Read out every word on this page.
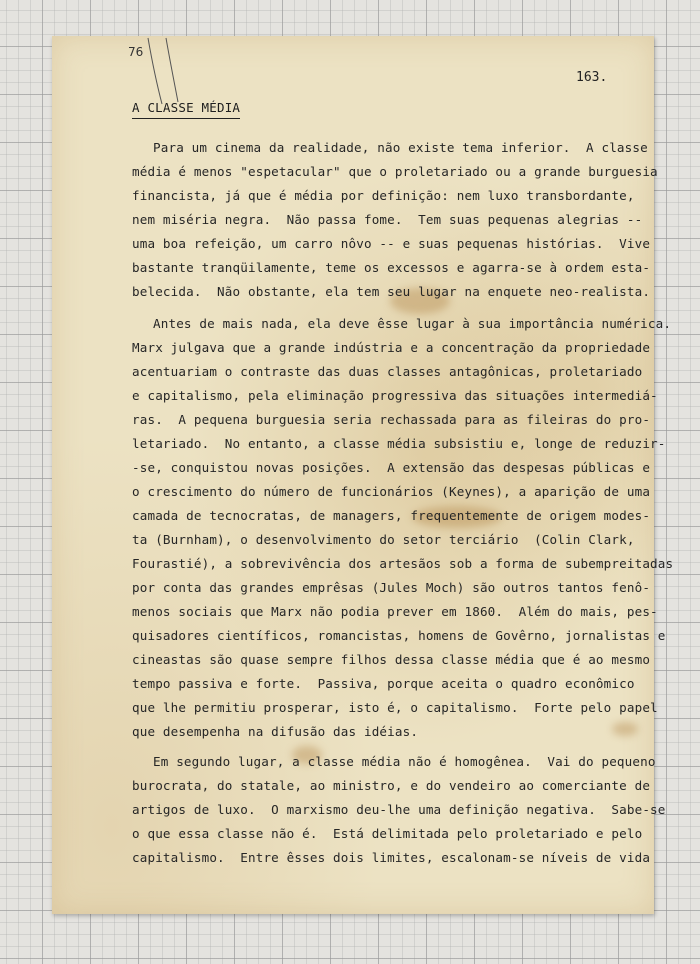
76
163.
A CLASSE MÉDIA
Para um cinema da realidade, não existe tema inferior.  A classe
média é menos "espetacular" que o proletariado ou a grande burguesia
financista, já que é média por definição: nem luxo transbordante,
nem miséria negra.  Não passa fome.  Tem suas pequenas alegrias --
uma boa refeição, um carro nôvo -- e suas pequenas histórias.  Vive
bastante tranqüilamente, teme os excessos e agarra-se à ordem esta-
belecida.  Não obstante, ela tem seu lugar na enquete neo-realista.
Antes de mais nada, ela deve êsse lugar à sua importância numérica.
Marx julgava que a grande indústria e a concentração da propriedade
acentuariam o contraste das duas classes antagônicas, proletariado
e capitalismo, pela eliminação progressiva das situações intermediá-
ras.  A pequena burguesia seria rechassada para as fileiras do pro-
letariado.  No entanto, a classe média subsistiu e, longe de reduzir-
-se, conquistou novas posições.  A extensão das despesas públicas e
o crescimento do número de funcionários (Keynes), a aparição de uma
camada de tecnocratas, de managers, frequentemente de origem modes-
ta (Burnham), o desenvolvimento do setor terciário  (Colin Clark,
Fourastié), a sobrevivência dos artesãos sob a forma de subempreitadas
por conta das grandes emprêsas (Jules Moch) são outros tantos fenô-
menos sociais que Marx não podia prever em 1860.  Além do mais, pes-
quisadores científicos, romancistas, homens de Govêrno, jornalistas e
cineastas são quase sempre filhos dessa classe média que é ao mesmo
tempo passiva e forte.  Passiva, porque aceita o quadro econômico
que lhe permitiu prosperar, isto é, o capitalismo.  Forte pelo papel
que desempenha na difusão das idéias.
Em segundo lugar, a classe média não é homogênea.  Vai do pequeno
burocrata, do statale, ao ministro, e do vendeiro ao comerciante de
artigos de luxo.  O marxismo deu-lhe uma definição negativa.  Sabe-se
o que essa classe não é.  Está delimitada pelo proletariado e pelo
capitalismo.  Entre êsses dois limites, escalonam-se níveis de vida
